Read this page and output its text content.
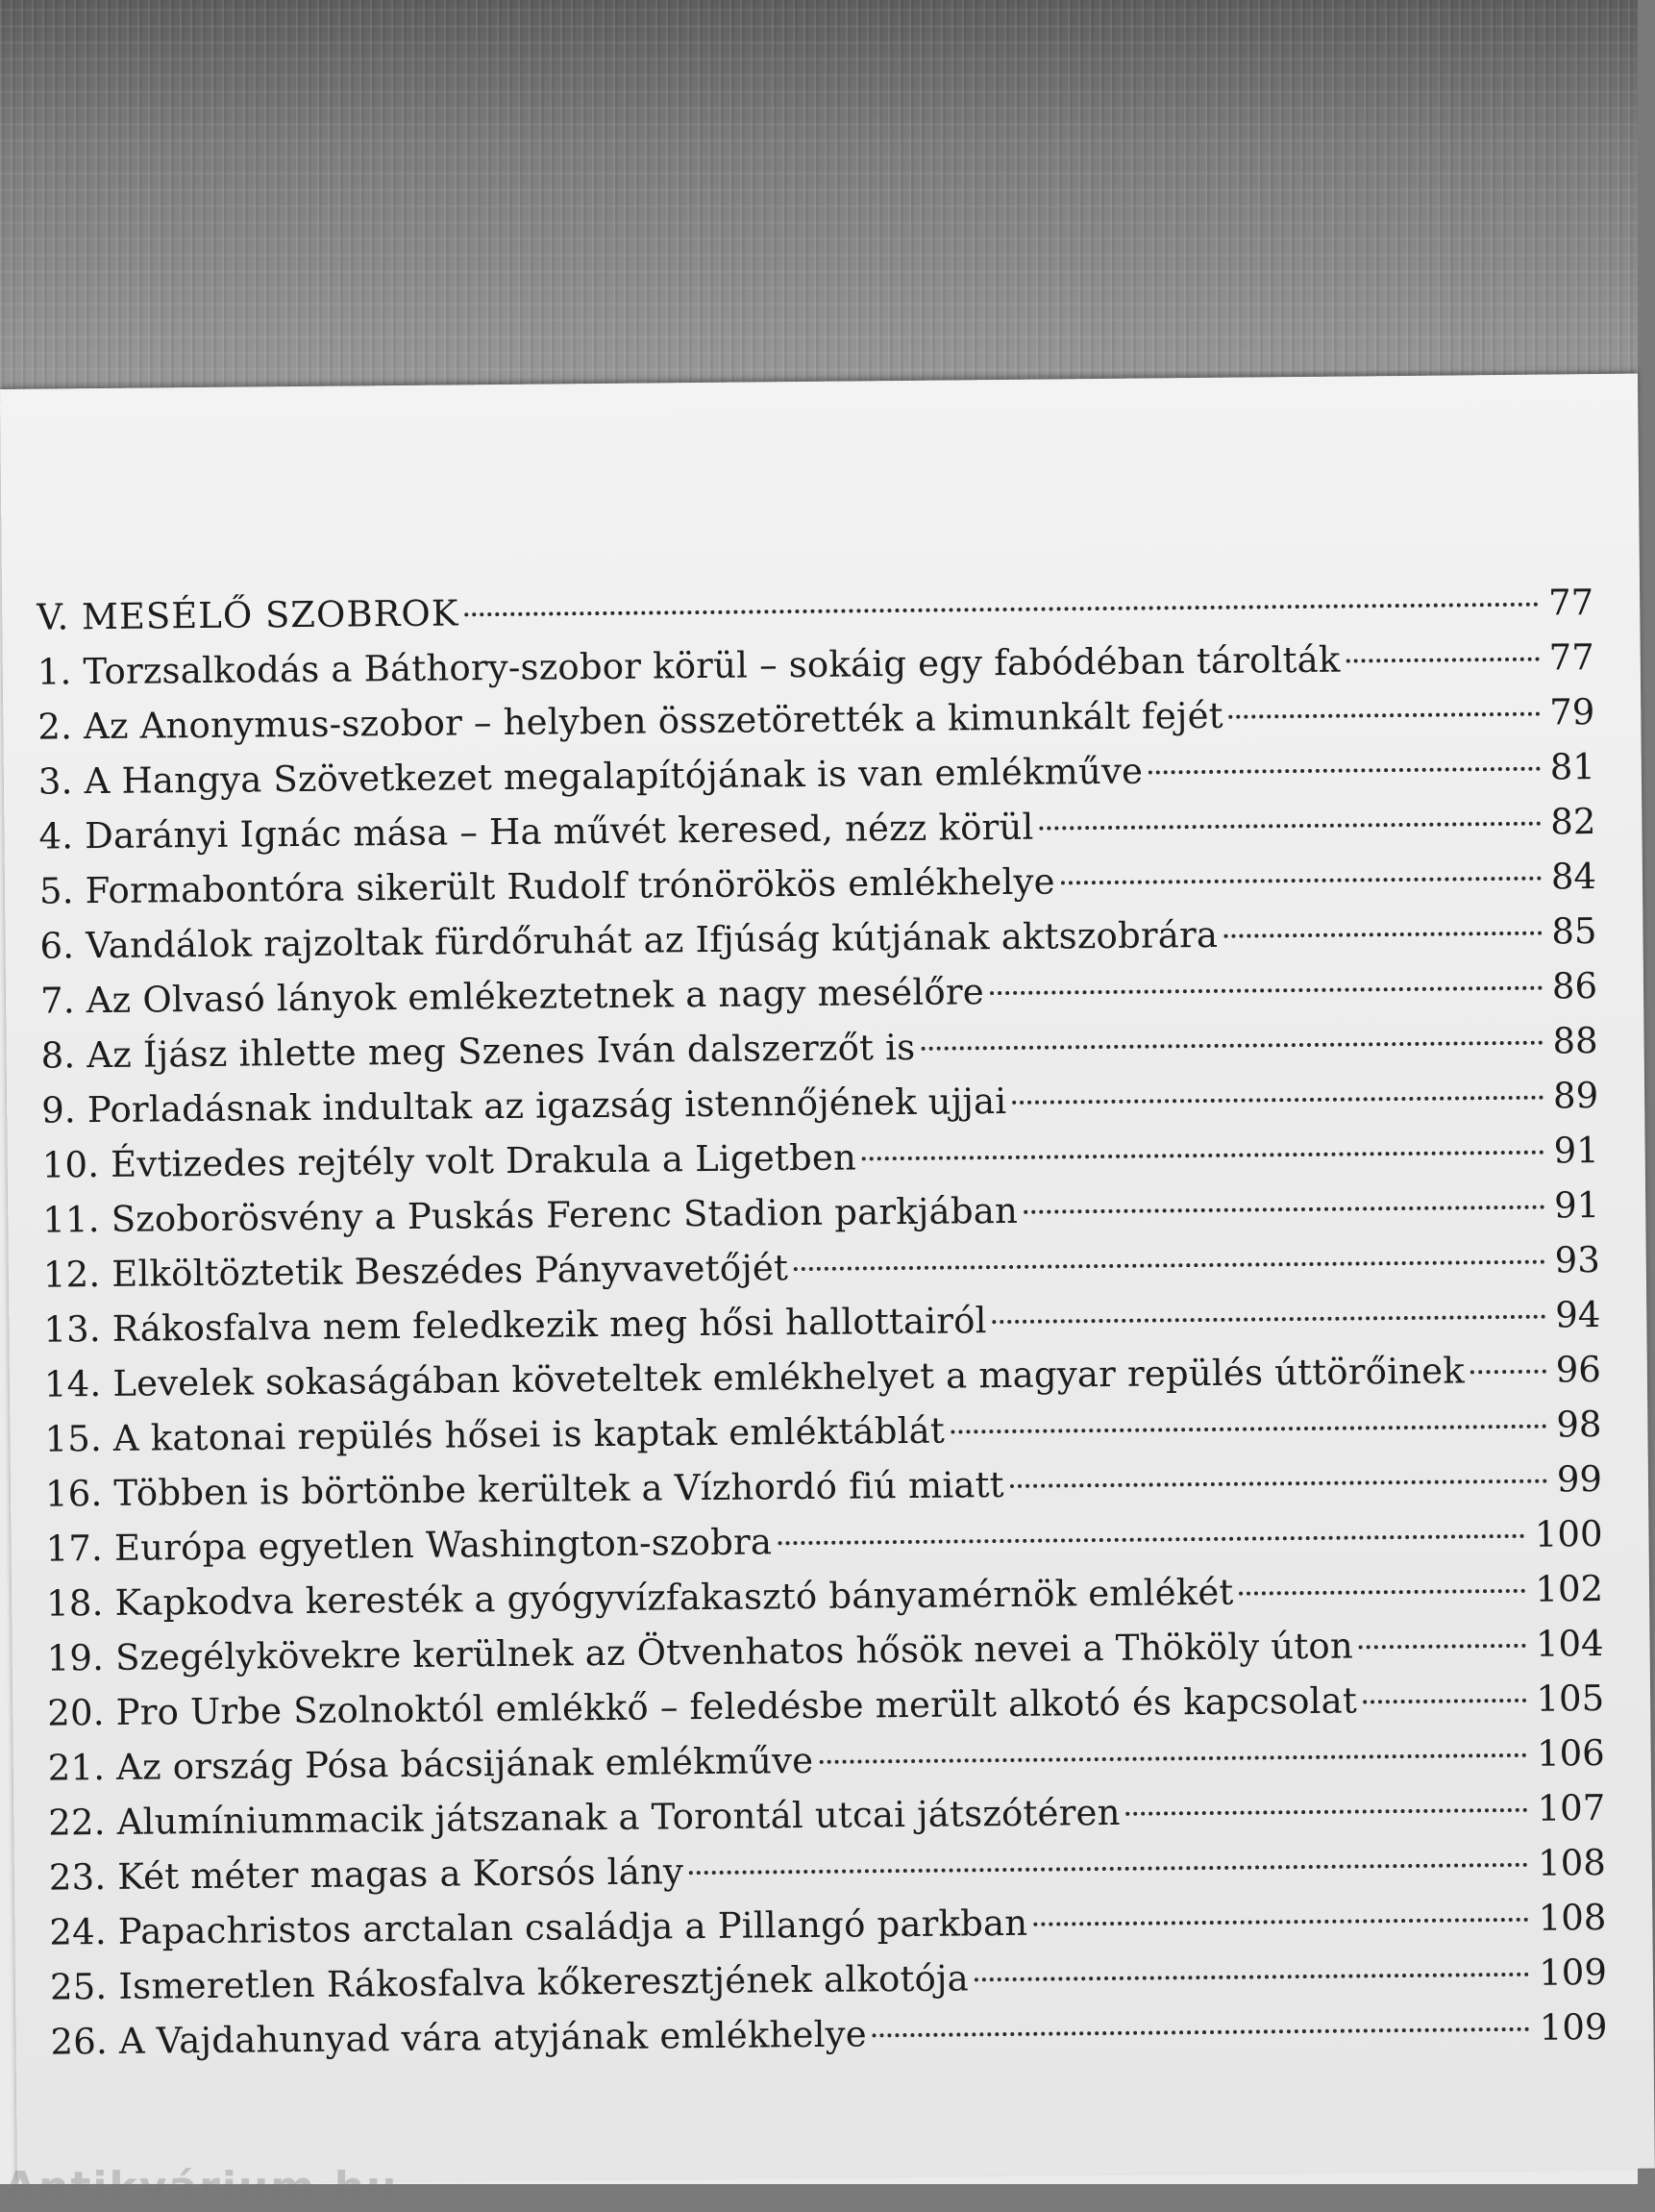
V. MESÉLŐ SZOBROK	77
1. Torzsalkodás a Báthory-szobor körül – sokáig egy fabódéban tárolták	77
2. Az Anonymus-szobor – helyben összetörették a kimunkált fejét	79
3. A Hangya Szövetkezet megalapítójának is van emlékműve	81
4. Darányi Ignác mása – Ha művét keresed, nézz körül	82
5. Formabontóra sikerült Rudolf trónörökös emlékhelye	84
6. Vandálok rajzoltak fürdőruhát az Ifjúság kútjának aktszobrára	85
7. Az Olvasó lányok emlékeztetnek a nagy mesélőre	86
8. Az Íjász ihlette meg Szenes Iván dalszerzőt is	88
9. Porladásnak indultak az igazság istennőjének ujjai	89
10. Évtizedes rejtély volt Drakula a Ligetben	91
11. Szoborösvény a Puskás Ferenc Stadion parkjában	91
12. Elköltöztetik Beszédes Pányvavetőjét	93
13. Rákosfalva nem feledkezik meg hősi hallottairól	94
14. Levelek sokaságában követeltek emlékhelyet a magyar repülés úttörőinek	96
15. A katonai repülés hősei is kaptak emléktáblát	98
16. Többen is börtönbe kerültek a Vízhordó fiú miatt	99
17. Európa egyetlen Washington-szobra	100
18. Kapkodva keresték a gyógyvízfakasztó bányamérnök emlékét	102
19. Szegélykövekre kerülnek az Ötvenhatos hősök nevei a Thököly úton	104
20. Pro Urbe Szolnoktól emlékkő – feledésbe merült alkotó és kapcsolat	105
21. Az ország Pósa bácsijának emlékműve	106
22. Alumíniummacik játszanak a Torontál utcai játszótéren	107
23. Két méter magas a Korsós lány	108
24. Papachristos arctalan családja a Pillangó parkban	108
25. Ismeretlen Rákosfalva kőkeresztjének alkotója	109
26. A Vajdahunyad vára atyjának emlékhelye	109
Antikvárium.hu
